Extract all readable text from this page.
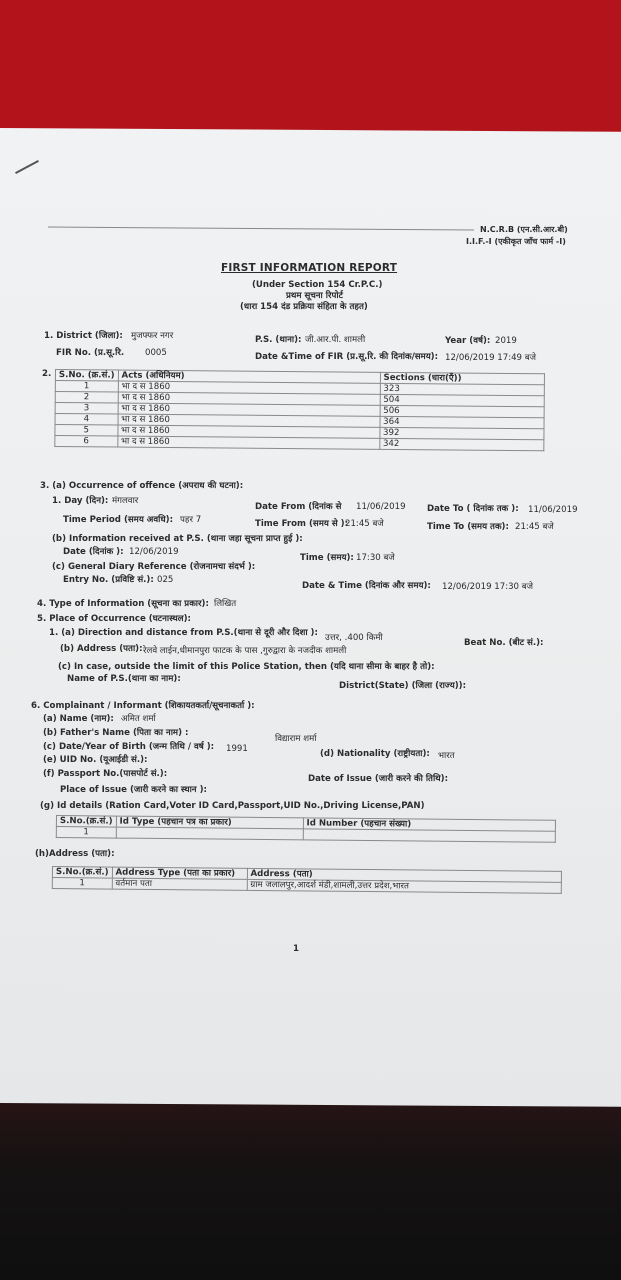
N.C.R.B (एन.सी.आर.बी)
I.I.F.-I (एकीकृत जाँच फार्म -I)
FIRST INFORMATION REPORT
(Under Section 154 Cr.P.C.)
प्रथम सूचना रिपोर्ट
(धारा 154 दंड प्रक्रिया संहिता के तहत)
1. District (जिला): मुजफ्फर नगर	P.S. (थाना): जी.आर.पी. शामली	Year (वर्ष): 2019
FIR No. (प्र.सू.रि. 0005	Date &Time of FIR (प्र.सू.रि. की दिनांक/समय): 12/06/2019 17:49 बजे
2. S.No. (क्र.सं.)	Acts (अधिनियम)	Sections (धारा(एँ))
1	भा द स 1860	323
2	भा द स 1860	504
3	भा द स 1860	506
4	भा द स 1860	364
5	भा द स 1860	392
6	भा द स 1860	342
3. (a) Occurrence of offence (अपराध की घटना):
1. Day (दिन): मंगलवार
Date From (दिनांक से 11/06/2019 Date To ( दिनांक तक ): 11/06/2019
Time Period (समय अवधि): पहर 7	Time From (समय से ):
21:45 बजे	Time To (समय तक): 21:45 बजे
(b) Information received at P.S. (थाना जहा सूचना प्राप्त हुई ):
Date (दिनांक ): 12/06/2019
Time (समय): 17:30 बजे
(c) General Diary Reference (रोजनामचा संदर्भ ):
Entry No. (प्रविष्टि सं.): 025
Date & Time (दिनांक और समय): 12/06/2019 17:30 बजे
4. Type of Information (सूचना का प्रकार): लिखित
5. Place of Occurrence (घटनास्थल):
1. (a) Direction and distance from P.S.(थाना से दूरी और दिशा ): उत्तर, .400 किमी	Beat No. (बीट सं.):
(b) Address (पता): रेलवे लाईन,धीमानपुरा फाटक के पास ,गुरुद्वारा के नजदीक शामली
(c) In case, outside the limit of this Police Station, then (यदि थाना सीमा के बाहर है तो):
Name of P.S.(थाना का नाम):
District(State) (जिला (राज्य)):
6. Complainant / Informant (शिकायतकर्ता/सूचनाकर्ता ):
(a) Name (नाम): अमित शर्मा
(b) Father's Name (पिता का नाम) :
विद्याराम शर्मा
(c) Date/Year of Birth (जन्म तिथि / वर्ष ): 1991	(d) Nationality (राष्ट्रीयता): भारत
(e) UID No. (यूआईडी सं.):
(f) Passport No.(पासपोर्ट सं.):	Date of Issue (जारी करने की तिथि):
Place of Issue (जारी करने का स्थान ):
(g) Id details (Ration Card,Voter ID Card,Passport,UID No.,Driving License,PAN)
S.No.(क्र.सं.)	Id Type (पहचान पत्र का प्रकार)	Id Number (पहचान संख्या)
1		
(h)Address (पता):
S.No.(क्र.सं.)	Address Type (पता का प्रकार)	Address (पता)
1	वर्तमान पता	ग्राम जलालपुर,आदर्श मंडी,शामली,उत्तर प्रदेश,भारत
1
